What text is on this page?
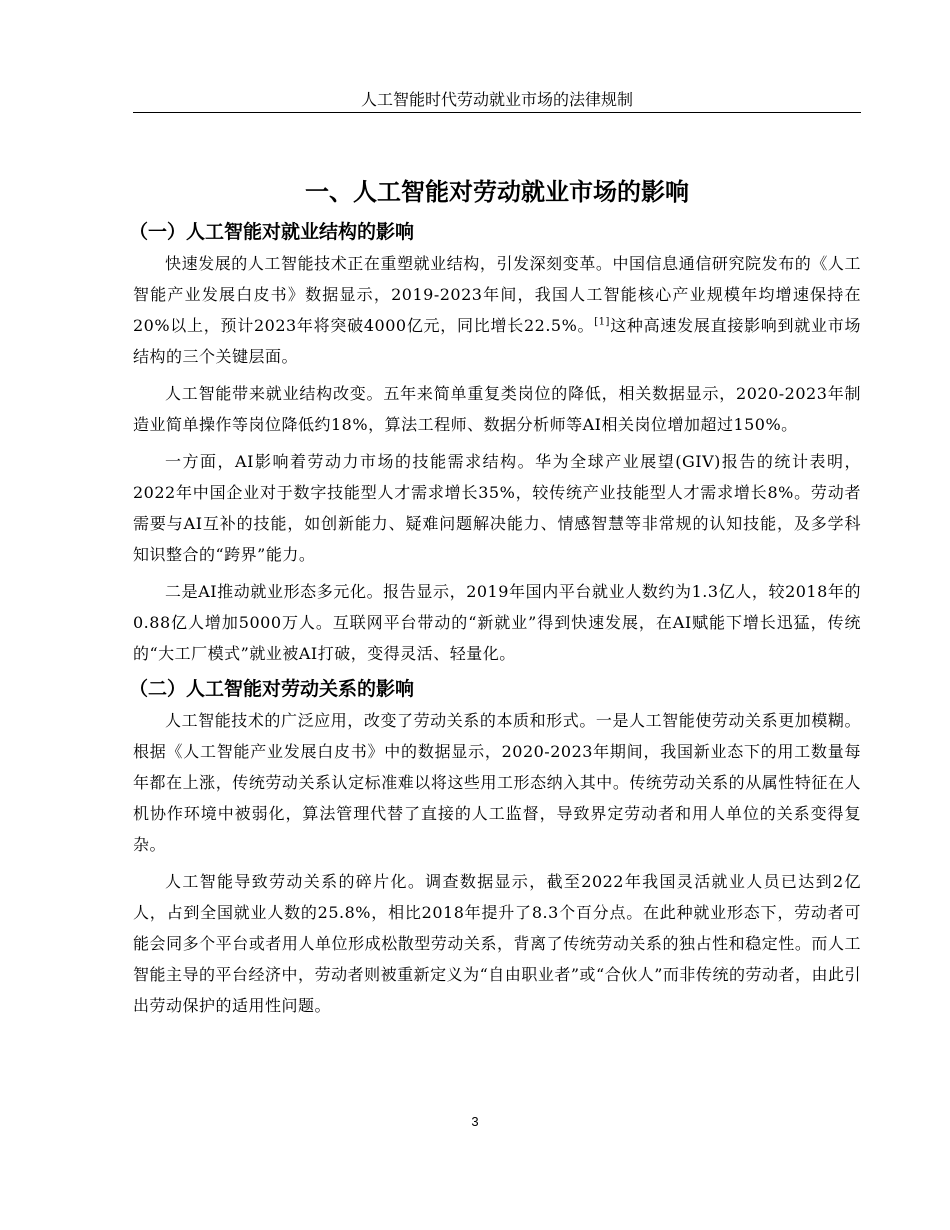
人工智能时代劳动就业市场的法律规制
一、人工智能对劳动就业市场的影响
（一）人工智能对就业结构的影响

快速发展的人工智能技术正在重塑就业结构，引发深刻变革。中国信息通信研究院发布的《人工智能产业发展白皮书》数据显示，2019-2023年间，我国人工智能核心产业规模年均增速保持在20%以上，预计2023年将突破4000亿元，同比增长22.5%。[1]这种高速发展直接影响到就业市场结构的三个关键层面。

人工智能带来就业结构改变。五年来简单重复类岗位的降低，相关数据显示，2020-2023年制造业简单操作等岗位降低约18%，算法工程师、数据分析师等AI相关岗位增加超过150%。

一方面，AI影响着劳动力市场的技能需求结构。华为全球产业展望(GIV)报告的统计表明，2022年中国企业对于数字技能型人才需求增长35%，较传统产业技能型人才需求增长8%。劳动者需要与AI互补的技能，如创新能力、疑难问题解决能力、情感智慧等非常规的认知技能，及多学科知识整合的“跨界”能力。

二是AI推动就业形态多元化。报告显示，2019年国内平台就业人数约为1.3亿人，较2018年的0.88亿人增加5000万人。互联网平台带动的“新就业”得到快速发展，在AI赋能下增长迅猛，传统的“大工厂模式”就业被AI打破，变得灵活、轻量化。

（二）人工智能对劳动关系的影响

人工智能技术的广泛应用，改变了劳动关系的本质和形式。一是人工智能使劳动关系更加模糊。根据《人工智能产业发展白皮书》中的数据显示，2020-2023年期间，我国新业态下的用工数量每年都在上涨，传统劳动关系认定标准难以将这些用工形态纳入其中。传统劳动关系的从属性特征在人机协作环境中被弱化，算法管理代替了直接的人工监督，导致界定劳动者和用人单位的关系变得复杂。

人工智能导致劳动关系的碎片化。调查数据显示，截至2022年我国灵活就业人员已达到2亿人，占到全国就业人数的25.8%，相比2018年提升了8.3个百分点。在此种就业形态下，劳动者可能会同多个平台或者用人单位形成松散型劳动关系，背离了传统劳动关系的独占性和稳定性。而人工智能主导的平台经济中，劳动者则被重新定义为“自由职业者”或“合伙人”而非传统的劳动者，由此引出劳动保护的适用性问题。

3
